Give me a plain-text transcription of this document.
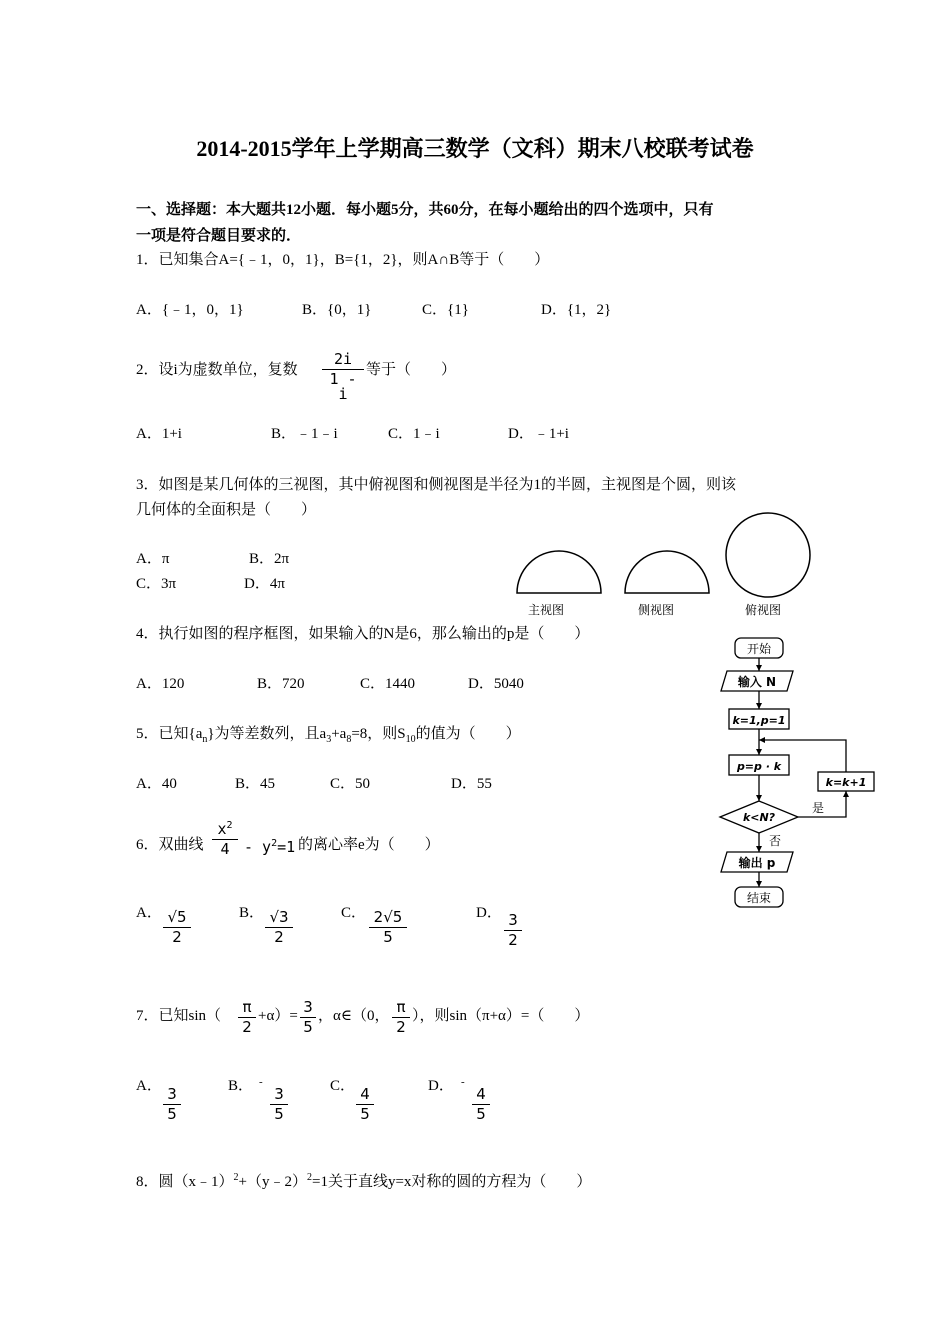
2014-2015学年上学期高三数学（文科）期末八校联考试卷
一、选择题：本大题共12小题．每小题5分，共60分，在每小题给出的四个选项中，只有
一项是符合题目要求的．
1．已知集合A={﹣1，0，1}，B={1，2}，则A∩B等于（　　）
A．{﹣1，0，1}	B．{0，1}	C．{1}	D．{1，2}
2．设i为虚数单位，复数
2i
1 - i
等于（　　）
A．1+i	B．﹣1﹣i	C．1﹣i	D．﹣1+i
3．如图是某几何体的三视图，其中俯视图和侧视图是半径为1的半圆，主视图是个圆，则该
几何体的全面积是（　　）
A．π	B．2π
C．3π	D．4π
主视图	侧视图	俯视图
4．执行如图的程序框图，如果输入的N是6，那么输出的p是（　　）
A．120	B．720	C．1440	D．5040
开始
输入 N
k=1,p=1
p=p · k
k<N?
k=k+1
是
否
输出 p
结束
5．已知$\{a_n\}$为等差数列，且$a_3+a_8=8$，则$S_{10}$的值为（　　）
A．40	B．45	C．50	D．55
6．双曲线
$x^2$
$4 - y^2=1$ 的离心率e为（　　）
A． √5
2
B． √3
2
C． 2√5
5
D． 3
2
7．已知sin（ π
2
+α）= 3
5
，α∈（0， π
2
），则sin（π+α）=（　　）
A． 3
5
B． -
3
5
C． 4
5
D． -
4
5
8．圆（x﹣1）$^2$+（y﹣2）$^2$=1关于直线y=x对称的圆的方程为（　　）
